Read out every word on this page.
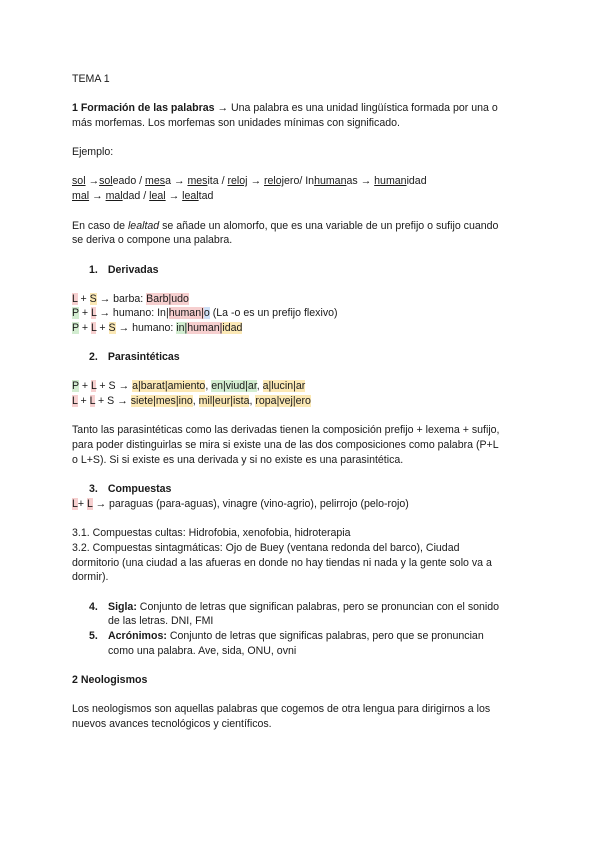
TEMA 1
1 Formación de las palabras → Una palabra es una unidad lingüística formada por una o
más morfemas. Los morfemas son unidades mínimas con significado.
Ejemplo:
sol →soleado / mesa → mesita / reloj → relojero/ Inhumanas → humanidad
mal → maldad / leal → lealtad
En caso de lealtad se añade un alomorfo, que es una variable de un prefijo o sufijo cuando
se deriva o compone una palabra.
1. Derivadas
L + S → barba: Barb|udo
P + L → humano: In|human|o (La -o es un prefijo flexivo)
P + L + S → humano: in|human|idad
2. Parasintéticas
P + L + S → a|barat|amiento, en|viud|ar, a|lucin|ar
L + L + S → siete|mes|ino, mil|eur|ista, ropa|vej|ero
Tanto las parasintéticas como las derivadas tienen la composición prefijo + lexema + sufijo,
para poder distinguirlas se mira si existe una de las dos composiciones como palabra (P+L
o L+S). Si si existe es una derivada y si no existe es una parasintética.
3. Compuestas
L+ L → paraguas (para-aguas), vinagre (vino-agrio), pelirrojo (pelo-rojo)
3.1. Compuestas cultas: Hidrofobia, xenofobia, hidroterapia
3.2. Compuestas sintagmáticas: Ojo de Buey (ventana redonda del barco), Ciudad
dormitorio (una ciudad a las afueras en donde no hay tiendas ni nada y la gente solo va a
dormir).
4. Sigla: Conjunto de letras que significan palabras, pero se pronuncian con el sonido
de las letras. DNI, FMI
5. Acrónimos: Conjunto de letras que significas palabras, pero que se pronuncian
como una palabra. Ave, sida, ONU, ovni
2 Neologismos
Los neologismos son aquellas palabras que cogemos de otra lengua para dirigirnos a los
nuevos avances tecnológicos y científicos.
